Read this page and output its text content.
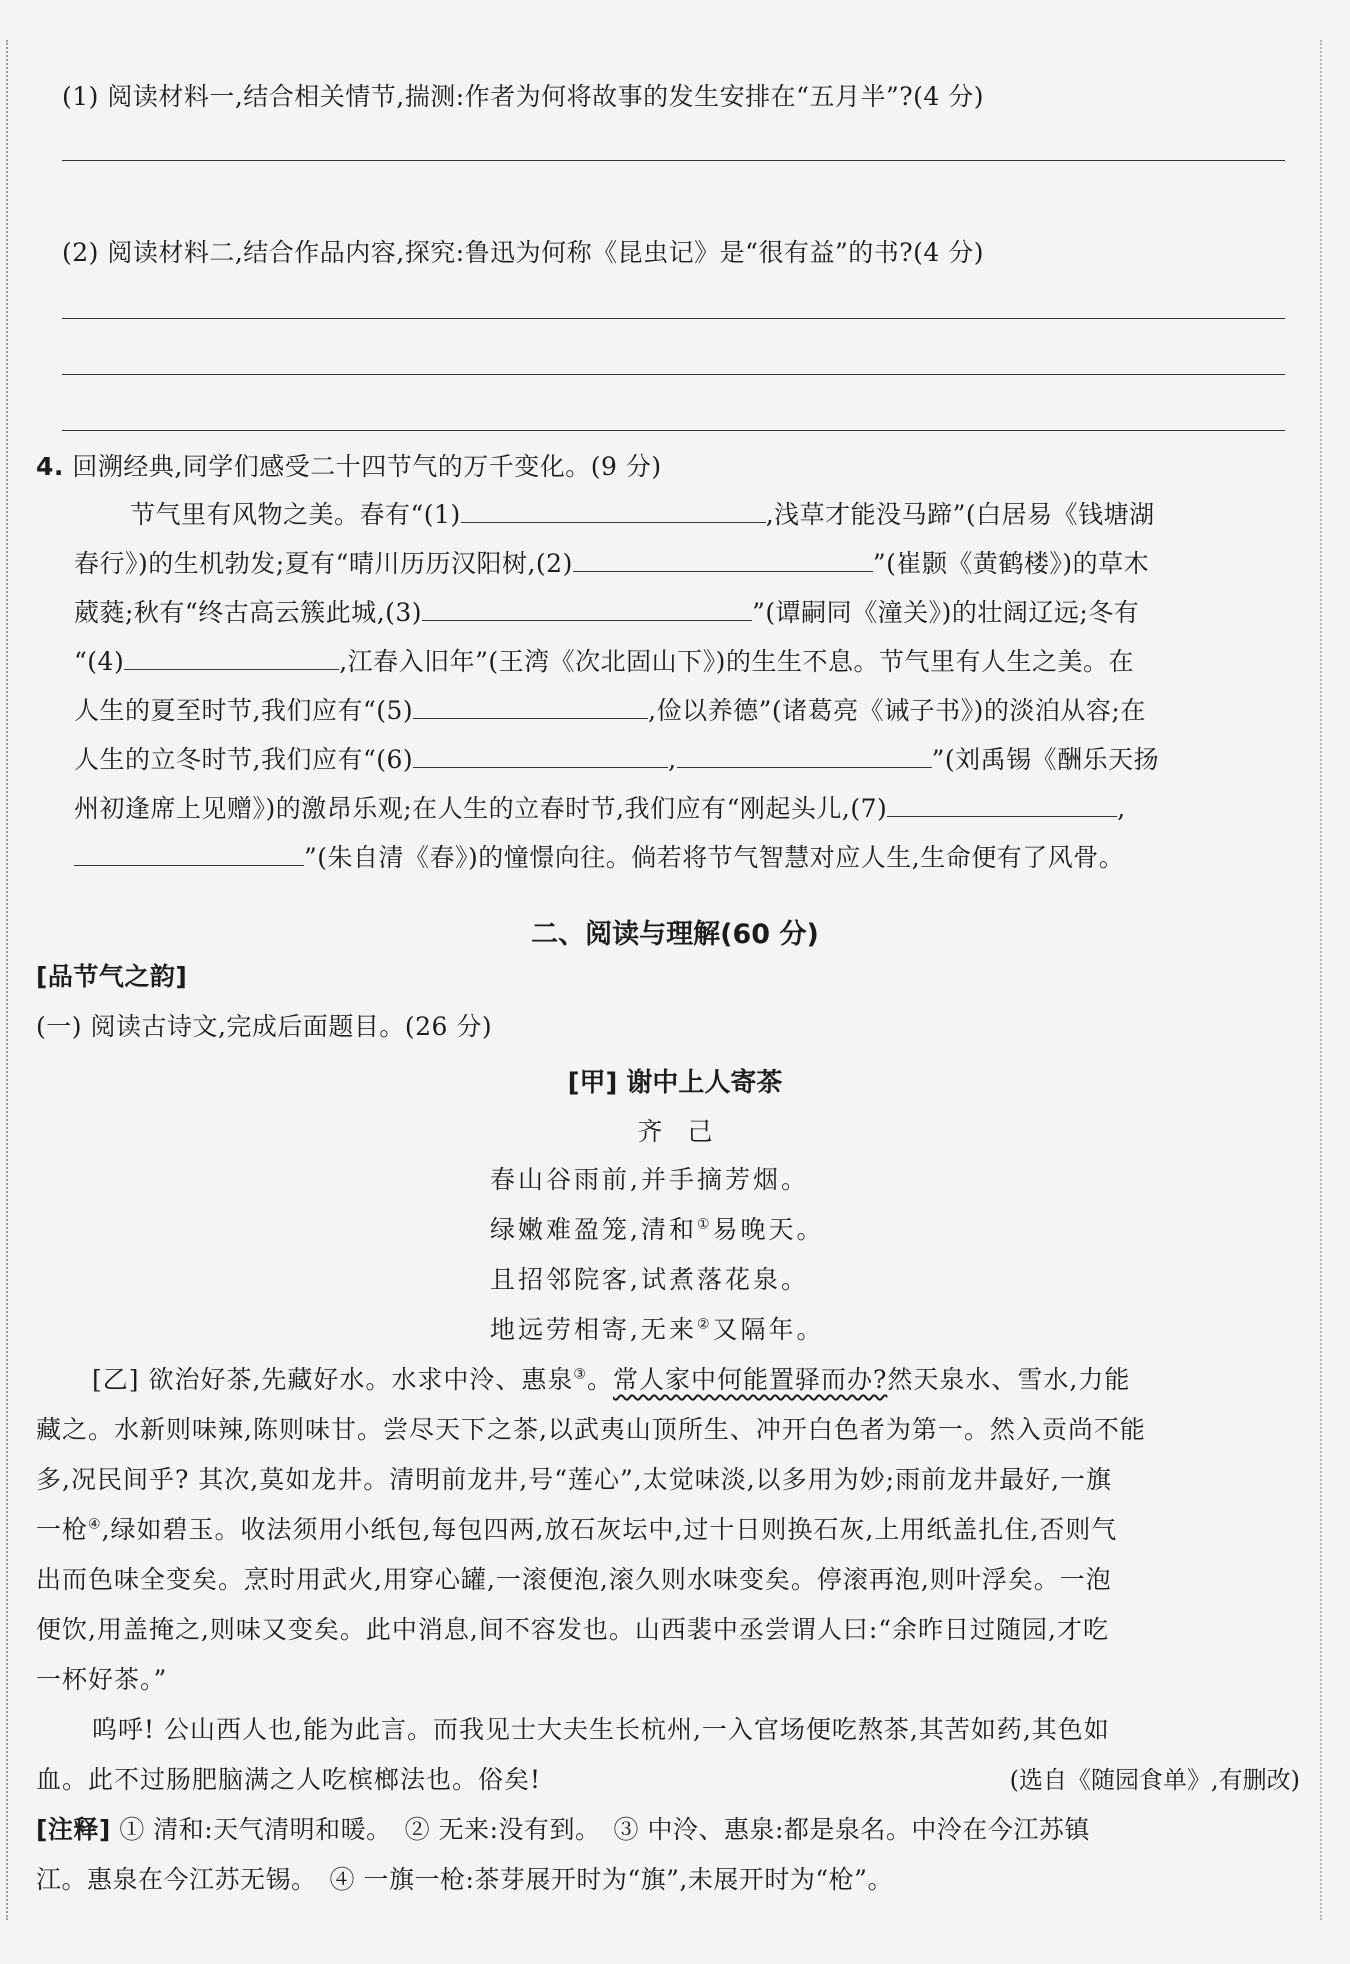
(1) 阅读材料一,结合相关情节,揣测:作者为何将故事的发生安排在“五月半”?(4 分)
(2) 阅读材料二,结合作品内容,探究:鲁迅为何称《昆虫记》是“很有益”的书?(4 分)
4. 回溯经典,同学们感受二十四节气的万千变化。(9 分)
节气里有风物之美。春有“(1)	,浅草才能没马蹄”(白居易《钱塘湖
春行》)的生机勃发;夏有“晴川历历汉阳树,(2)	”(崔颢《黄鹤楼》)的草木
葳蕤;秋有“终古高云簇此城,(3)	”(谭嗣同《潼关》)的壮阔辽远;冬有
“(4)	,江春入旧年”(王湾《次北固山下》)的生生不息。节气里有人生之美。在
人生的夏至时节,我们应有“(5)	,俭以养德”(诸葛亮《诫子书》)的淡泊从容;在
人生的立冬时节,我们应有“(6)	,	”(刘禹锡《酬乐天扬
州初逢席上见赠》)的激昂乐观;在人生的立春时节,我们应有“刚起头儿,(7)	,
”(朱自清《春》)的憧憬向往。倘若将节气智慧对应人生,生命便有了风骨。
二、阅读与理解(60 分)
[品节气之韵]
(一) 阅读古诗文,完成后面题目。(26 分)
[甲] 谢中上人寄茶
齐　己
春山谷雨前,并手摘芳烟。
绿嫩难盈笼,清和①易晚天。
且招邻院客,试煮落花泉。
地远劳相寄,无来②又隔年。
[乙] 欲治好茶,先藏好水。水求中泠、惠泉③。常人家中何能置驿而办?然天泉水、雪水,力能
藏之。水新则味辣,陈则味甘。尝尽天下之茶,以武夷山顶所生、冲开白色者为第一。然入贡尚不能
多,况民间乎? 其次,莫如龙井。清明前龙井,号“莲心”,太觉味淡,以多用为妙;雨前龙井最好,一旗
一枪④,绿如碧玉。收法须用小纸包,每包四两,放石灰坛中,过十日则换石灰,上用纸盖扎住,否则气
出而色味全变矣。烹时用武火,用穿心罐,一滚便泡,滚久则水味变矣。停滚再泡,则叶浮矣。一泡
便饮,用盖掩之,则味又变矣。此中消息,间不容发也。山西裴中丞尝谓人曰:“余昨日过随园,才吃
一杯好茶。”
呜呼! 公山西人也,能为此言。而我见士大夫生长杭州,一入官场便吃熬茶,其苦如药,其色如
血。此不过肠肥脑满之人吃槟榔法也。俗矣!	(选自《随园食单》,有删改)
[注释] ① 清和:天气清明和暖。　② 无来:没有到。　③ 中泠、惠泉:都是泉名。中泠在今江苏镇
江。惠泉在今江苏无锡。　④ 一旗一枪:茶芽展开时为“旗”,未展开时为“枪”。
